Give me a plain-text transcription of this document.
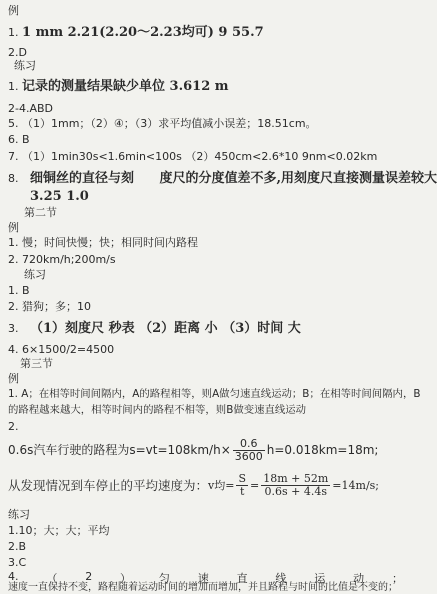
例
1. 1 mm 2.21(2.20～2.23均可) 9 55.7
2.D
练习
1. 记录的测量结果缺少单位 3.612 m
2-4.ABD
5. （1）1mm；（2）④；（3）求平均值减小误差；18.51cm。
6. B
7. （1）1min30s<1.6min<100s （2）450cm<2.6*10 9nm<0.02km
8. 细铜丝的直径与刻 度尺的分度值差不多,用刻度尺直接测量误差较大
3.25 1.0
第二节
例
1. 慢；时间快慢；快；相同时间内路程
2. 720km/h;200m/s
练习
1. B
2. 猎狗；多；10
3. （1）刻度尺 秒表 （2）距离 小 （3）时间 大
4. 6×1500/2=4500
第三节
例
1. A；在相等时间间隔内，A的路程相等，则A做匀速直线运动；B；在相等时间间隔内，B
的路程越来越大，相等时间内的路程不相等，则B做变速直线运动
2.
0.6s汽车行驶的路程为$s=vt=108km/h\times \frac{0.6}{3600} h=0.018km=18m$;
从发现情况到车停止的平均速度为： v均= $\frac{S}{t} = \frac{18m + 52m}{0.6s + 4.4s} =14m/s$;
练习
1.10；大；大；平均
2.B
3.C
4.	（	2	）	匀	速	直	线	运	动	；
速度一直保持不变，路程随着运动时间的增加而增加，并且路程与时间的比值是不变的；
